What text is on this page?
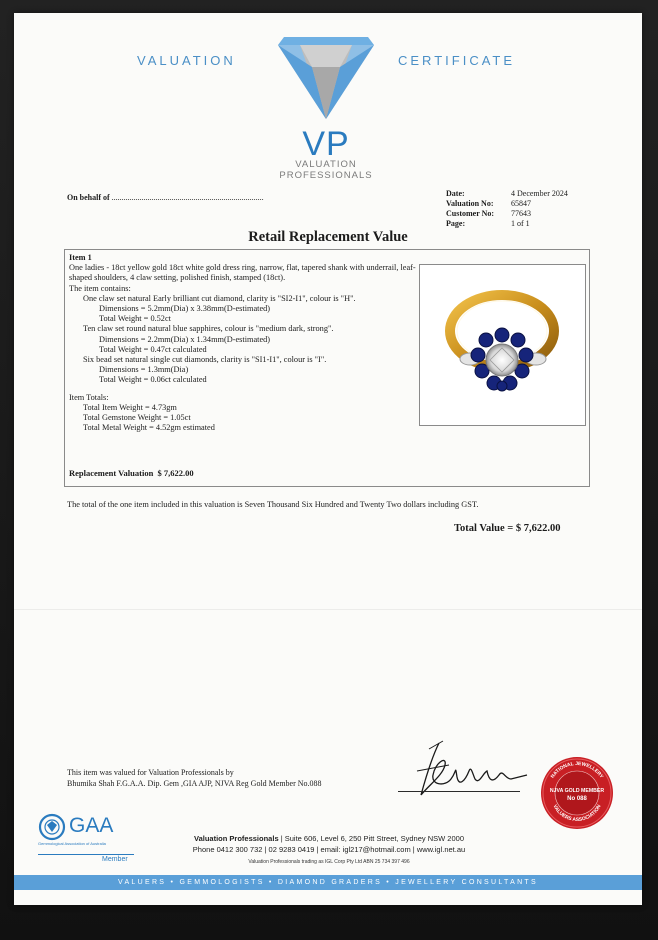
VALUATION	CERTIFICATE
VP
VALUATION
PROFESSIONALS
On behalf of ............................................................................	Date:	4 December 2024
Valuation No: 65847
Customer No: 77643
Page:	1 of 1
Retail Replacement Value
Item 1
One ladies - 18ct yellow gold 18ct white gold dress ring, narrow, flat, tapered shank with underrail, leaf-shaped shoulders, 4 claw setting, polished finish, stamped (18ct).
The item contains:
One claw set natural Early brilliant cut diamond, clarity is "SI2-I1", colour is "H".
Dimensions = 5.2mm(Dia) x 3.38mm(D-estimated)
Total Weight = 0.52ct
Ten claw set round natural blue sapphires, colour is "medium dark, strong".
Dimensions = 2.2mm(Dia) x 1.34mm(D-estimated)
Total Weight = 0.47ct calculated
Six bead set natural single cut diamonds, clarity is "SI1-I1", colour is "I".
Dimensions = 1.3mm(Dia)
Total Weight = 0.06ct calculated
Item Totals:
Total Item Weight = 4.73gm
Total Gemstone Weight = 1.05ct
Total Metal Weight = 4.52gm estimated
Replacement Valuation $ 7,622.00
The total of the one item included in this valuation is Seven Thousand Six Hundred and Twenty Two dollars including GST.
Total Value = $ 7,622.00
This item was valued for Valuation Professionals by
Bhumika Shah F.G.A.A. Dip. Gem ,GIA AJP, NJVA Reg Gold Member No.088
NATIONAL JEWELLERY
VALUERS ASSOCIATION
NJVA GOLD MEMBER
No 088
GAA
Gemmological Association of Australia
Member
Valuation Professionals | Suite 606, Level 6, 250 Pitt Street, Sydney NSW 2000
Phone 0412 300 732 | 02 9283 0419 | email: igl217@hotmail.com | www.igl.net.au
Valuation Professionals trading as IGL Corp Pty Ltd ABN 25 734 397 496
VALUERS • GEMMOLOGISTS • DIAMOND GRADERS • JEWELLERY CONSULTANTS
